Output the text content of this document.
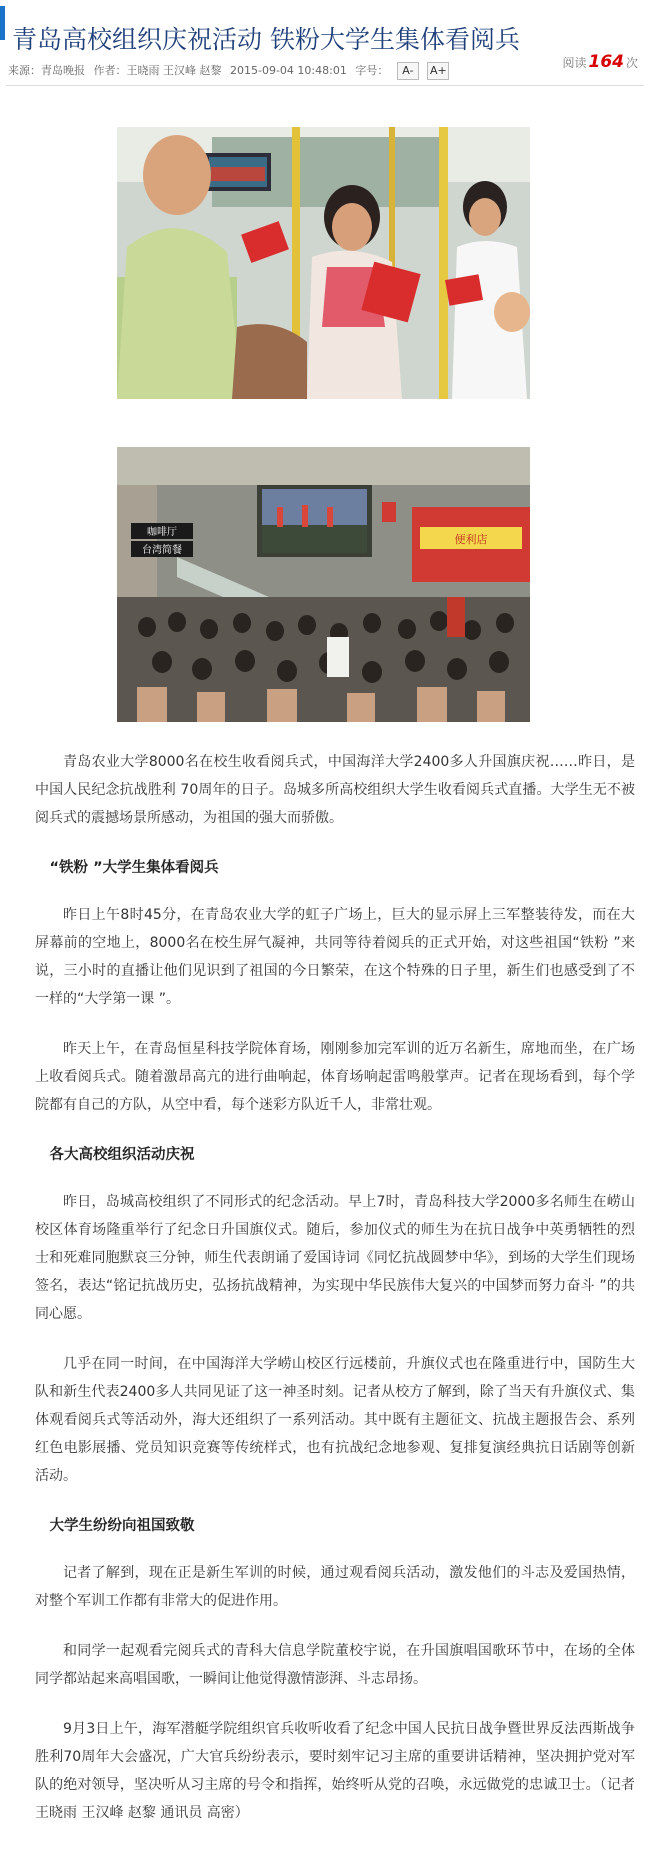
青岛高校组织庆祝活动 铁粉大学生集体看阅兵
阅读 164 次
来源：青岛晚报 作者：王晓雨 王汉峰 赵黎 2015-09-04 10:48:01 字号： A- A+
咖啡厅
台湾简餐
便利店

青岛农业大学8000名在校生收看阅兵式，中国海洋大学2400多人升国旗庆祝……昨日，是中国人民纪念抗战胜利 70周年的日子。岛城多所高校组织大学生收看阅兵式直播。大学生无不被阅兵式的震撼场景所感动，为祖国的强大而骄傲。

“铁粉 ”大学生集体看阅兵

昨日上午8时45分，在青岛农业大学的虹子广场上，巨大的显示屏上三军整装待发，而在大屏幕前的空地上，8000名在校生屏气凝神，共同等待着阅兵的正式开始，对这些祖国“铁粉 ”来说，三小时的直播让他们见识到了祖国的今日繁荣，在这个特殊的日子里，新生们也感受到了不一样的“大学第一课 ”。

昨天上午，在青岛恒星科技学院体育场，刚刚参加完军训的近万名新生，席地而坐，在广场上收看阅兵式。随着激昂高亢的进行曲响起，体育场响起雷鸣般掌声。记者在现场看到，每个学院都有自己的方队，从空中看，每个迷彩方队近千人，非常壮观。

各大高校组织活动庆祝

昨日，岛城高校组织了不同形式的纪念活动。早上7时，青岛科技大学2000多名师生在崂山校区体育场隆重举行了纪念日升国旗仪式。随后，参加仪式的师生为在抗日战争中英勇牺牲的烈士和死难同胞默哀三分钟，师生代表朗诵了爱国诗词《同忆抗战圆梦中华》，到场的大学生们现场签名，表达“铭记抗战历史，弘扬抗战精神，为实现中华民族伟大复兴的中国梦而努力奋斗 ”的共同心愿。

几乎在同一时间，在中国海洋大学崂山校区行远楼前，升旗仪式也在隆重进行中，国防生大队和新生代表2400多人共同见证了这一神圣时刻。记者从校方了解到，除了当天有升旗仪式、集体观看阅兵式等活动外，海大还组织了一系列活动。其中既有主题征文、抗战主题报告会、系列红色电影展播、党员知识竞赛等传统样式，也有抗战纪念地参观、复排复演经典抗日话剧等创新活动。

大学生纷纷向祖国致敬

记者了解到，现在正是新生军训的时候，通过观看阅兵活动，激发他们的斗志及爱国热情，对整个军训工作都有非常大的促进作用。

和同学一起观看完阅兵式的青科大信息学院董校宇说，在升国旗唱国歌环节中，在场的全体同学都站起来高唱国歌，一瞬间让他觉得激情澎湃、斗志昂扬。

9月3日上午，海军潜艇学院组织官兵收听收看了纪念中国人民抗日战争暨世界反法西斯战争胜利70周年大会盛况，广大官兵纷纷表示，要时刻牢记习主席的重要讲话精神，坚决拥护党对军队的绝对领导，坚决听从习主席的号令和指挥，始终听从党的召唤，永远做党的忠诚卫士。（记者 王晓雨 王汉峰 赵黎 通讯员 高密）
